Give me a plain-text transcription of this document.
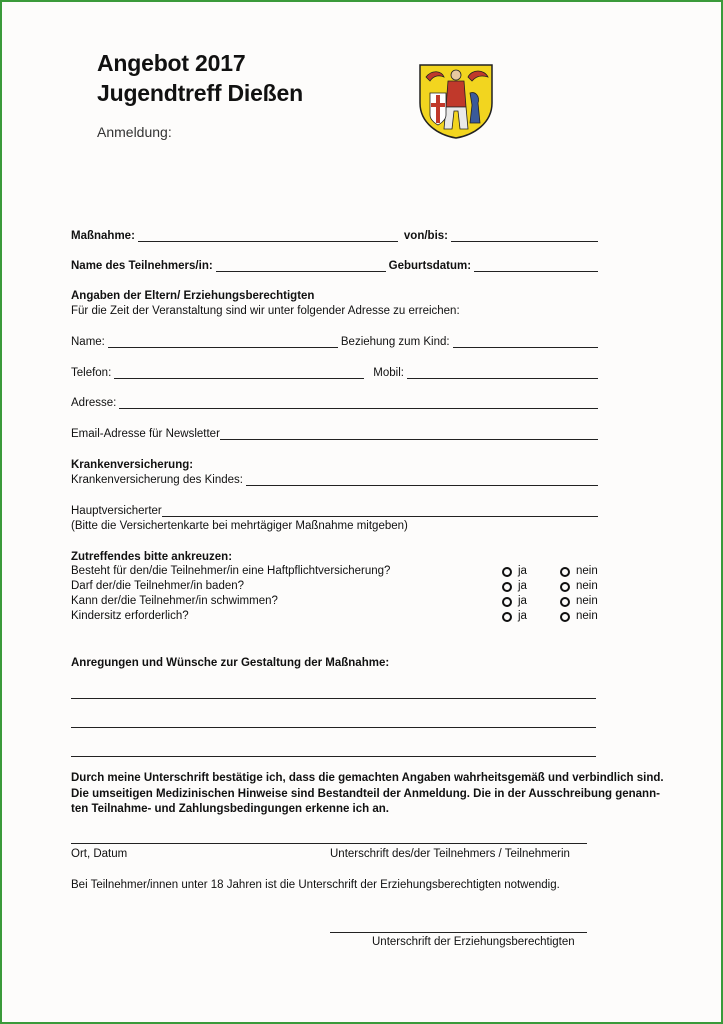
Angebot 2017
Jugendtreff Dießen
Anmeldung:
Maßnahme:	von/bis:
Name des Teilnehmers/in:	Geburtsdatum:
Angaben der Eltern/ Erziehungsberechtigten
Für die Zeit der Veranstaltung sind wir unter folgender Adresse zu erreichen:
Name:	Beziehung zum Kind:
Telefon:	Mobil:
Adresse:
Email-Adresse für Newsletter
Krankenversicherung:
Krankenversicherung des Kindes:
Hauptversicherter
(Bitte die Versichertenkarte bei mehrtägiger Maßnahme mitgeben)
Zutreffendes bitte ankreuzen:
Besteht für den/die Teilnehmer/in eine Haftpflichtversicherung?	ja	nein
Darf der/die Teilnehmer/in baden?	ja	nein
Kann der/die Teilnehmer/in schwimmen?	ja	nein
Kindersitz erforderlich?	ja	nein
Anregungen und Wünsche zur Gestaltung der Maßnahme:
Durch meine Unterschrift bestätige ich, dass die gemachten Angaben wahrheitsgemäß und verbindlich sind.
Die umseitigen Medizinischen Hinweise sind Bestandteil der Anmeldung. Die in der Ausschreibung genann-
ten Teilnahme- und Zahlungsbedingungen erkenne ich an.
Ort, Datum	Unterschrift des/der Teilnehmers / Teilnehmerin
Bei Teilnehmer/innen unter 18 Jahren ist die Unterschrift der Erziehungsberechtigten notwendig.
Unterschrift der Erziehungsberechtigten
